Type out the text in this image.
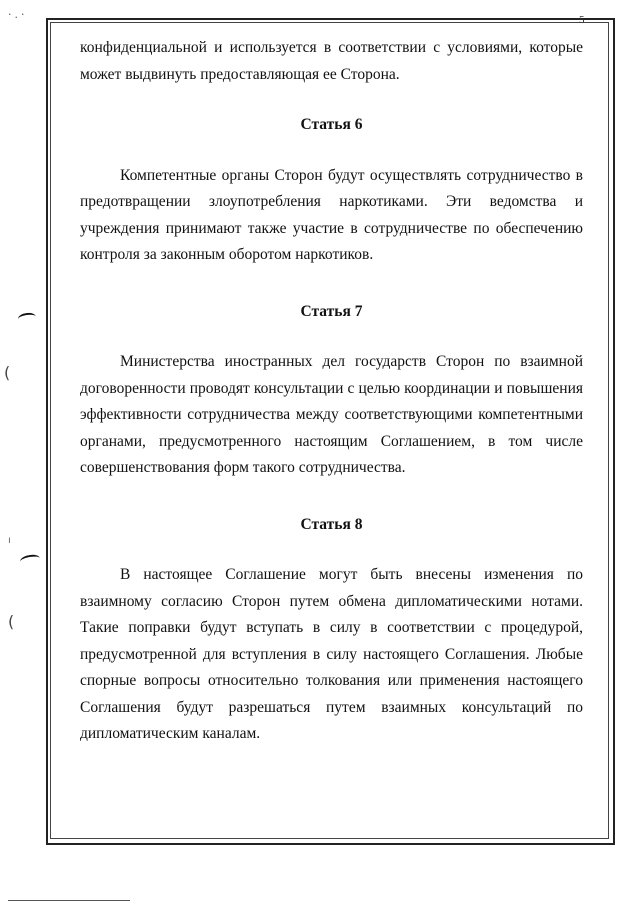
5

конфиденциальной и используется в соответствии с условиями, которые может выдвинуть предоставляющая ее Сторона.

Статья 6

Компетентные органы Сторон будут осуществлять сотрудничество в предотвращении злоупотребления наркотиками. Эти ведомства и учреждения принимают также участие в сотрудничестве по обеспечению контроля за законным оборотом наркотиков.

Статья 7

Министерства иностранных дел государств Сторон по взаимной договоренности проводят консультации с целью координации и повышения эффективности сотрудничества между соответствующими компетентными органами, предусмотренного настоящим Соглашением, в том числе совершенствования форм такого сотрудничества.

Статья 8

В настоящее Соглашение могут быть внесены изменения по взаимному согласию Сторон путем обмена дипломатическими нотами. Такие поправки будут вступать в силу в соответствии с процедурой, предусмотренной для вступления в силу настоящего Соглашения. Любые спорные вопросы относительно толкования или применения настоящего Соглашения будут разрешаться путем взаимных консультаций по дипломатическим каналам.

·.·
(
ı
(
